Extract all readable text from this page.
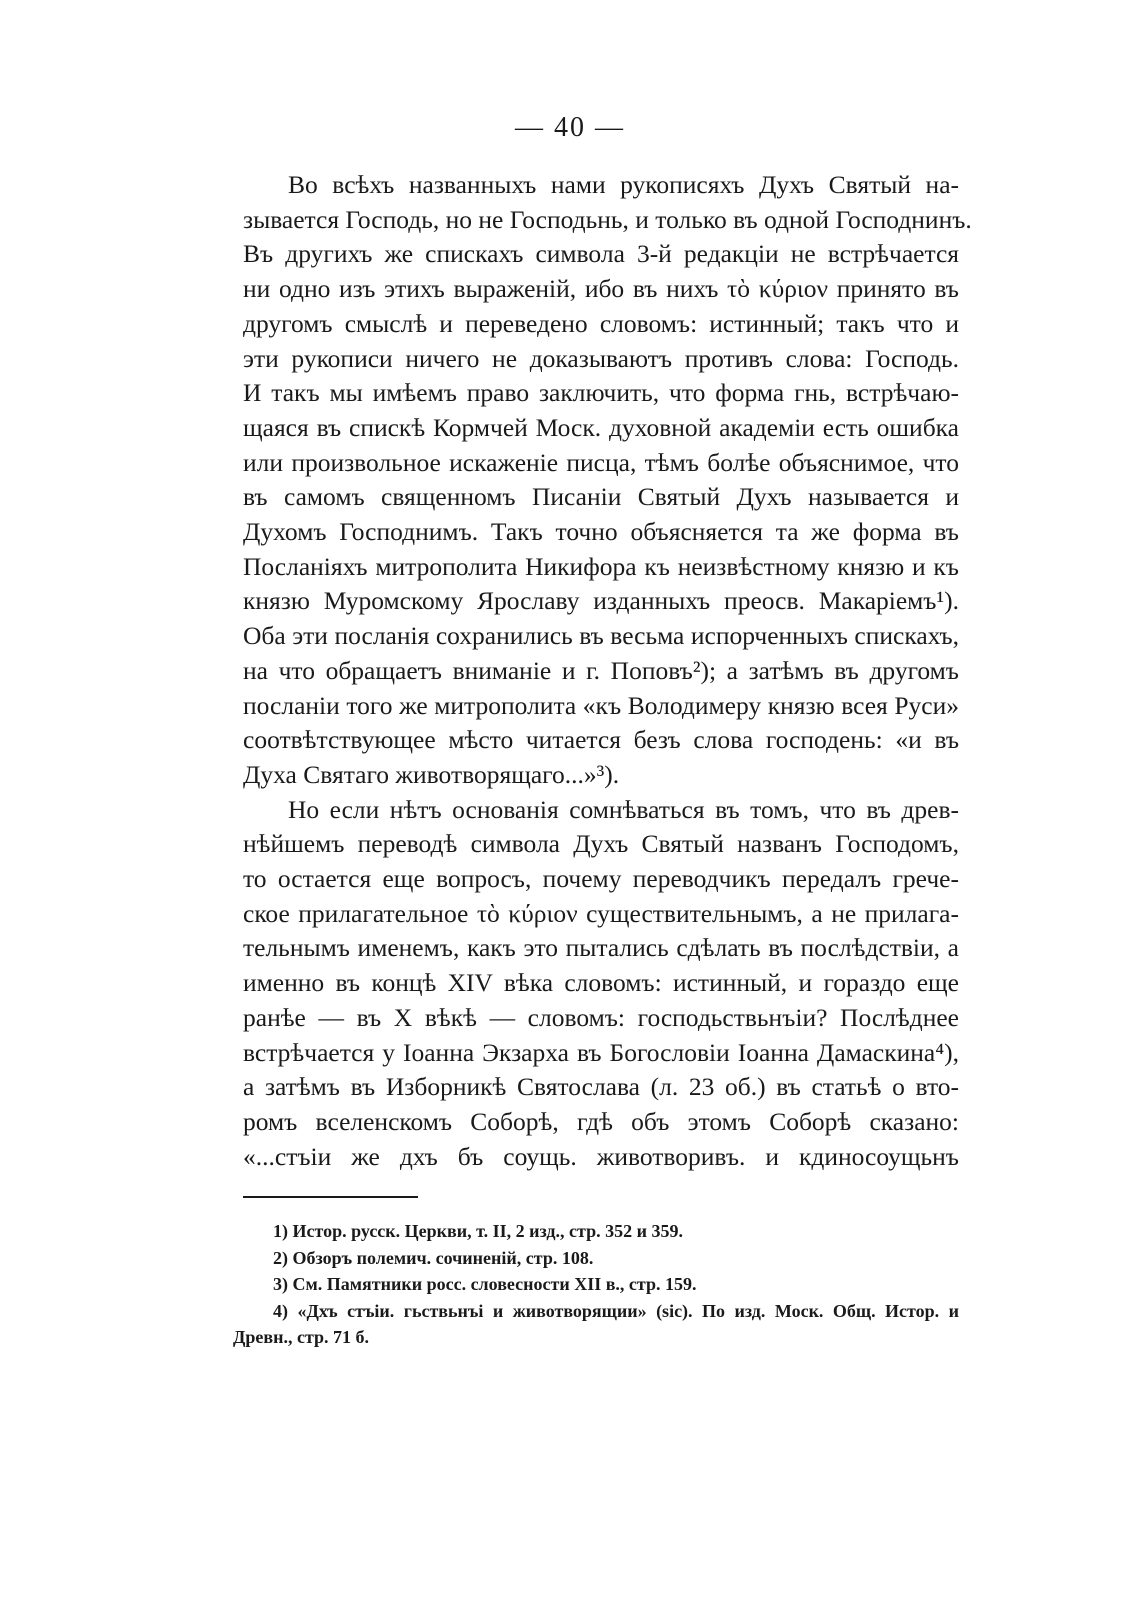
— 40 —
Во всѣхъ названныхъ нами рукописяхъ Духъ Святый на-
зывается Господь, но не Господьнь, и только въ одной Господнинъ.
Въ другихъ же спискахъ символа 3-й редакціи не встрѣчается
ни одно изъ этихъ выраженій, ибо въ нихъ τὸ κύριον принято въ
другомъ смыслѣ и переведено словомъ: истинный; такъ что и
эти рукописи ничего не доказываютъ противъ слова: Господь.
И такъ мы имѣемъ право заключить, что форма гнь, встрѣчаю-
щаяся въ спискѣ Кормчей Моск. духовной академіи есть ошибка
или произвольное искаженіе писца, тѣмъ болѣе объяснимое, что
въ самомъ священномъ Писаніи Святый Духъ называется и
Духомъ Господнимъ. Такъ точно объясняется та же форма въ
Посланіяхъ митрополита Никифора къ неизвѣстному князю и къ
князю Муромскому Ярославу изданныхъ преосв. Макаріемъ¹).
Оба эти посланія сохранились въ весьма испорченныхъ спискахъ,
на что обращаетъ вниманіе и г. Поповъ²); а затѣмъ въ другомъ
посланіи того же митрополита «къ Володимеру князю всея Руси»
соотвѣтствующее мѣсто читается безъ слова господень: «и въ
Духа Святаго животворящаго...»³).
Но если нѣтъ основанія сомнѣваться въ томъ, что въ древ-
нѣйшемъ переводѣ символа Духъ Святый названъ Господомъ,
то остается еще вопросъ, почему переводчикъ передалъ грече-
ское прилагательное τὸ κύριον существительнымъ, а не прилага-
тельнымъ именемъ, какъ это пытались сдѣлать въ послѣдствіи, а
именно въ концѣ XIV вѣка словомъ: истинный, и гораздо еще
ранѣе — въ X вѣкѣ — словомъ: господьствьнъіи? Послѣднее
встрѣчается у Іоанна Экзарха въ Богословіи Іоанна Дамаскина⁴),
а затѣмъ въ Изборникѣ Святослава (л. 23 об.) въ статьѣ о вто-
ромъ вселенскомъ Соборѣ, гдѣ объ этомъ Соборѣ сказано:
«...стъіи же дхъ бъ соущь. животворивъ. и кдиносоущьнъ
1) Истор. русск. Церкви, т. II, 2 изд., стр. 352 и 359.
2) Обзоръ полемич. сочиненій, стр. 108.
3) См. Памятники росс. словесности XII в., стр. 159.
4) «Дхъ стъіи. гьствьнъі и животворящии» (sic). По изд. Моск. Общ. Истор. и
Древн., стр. 71 б.
